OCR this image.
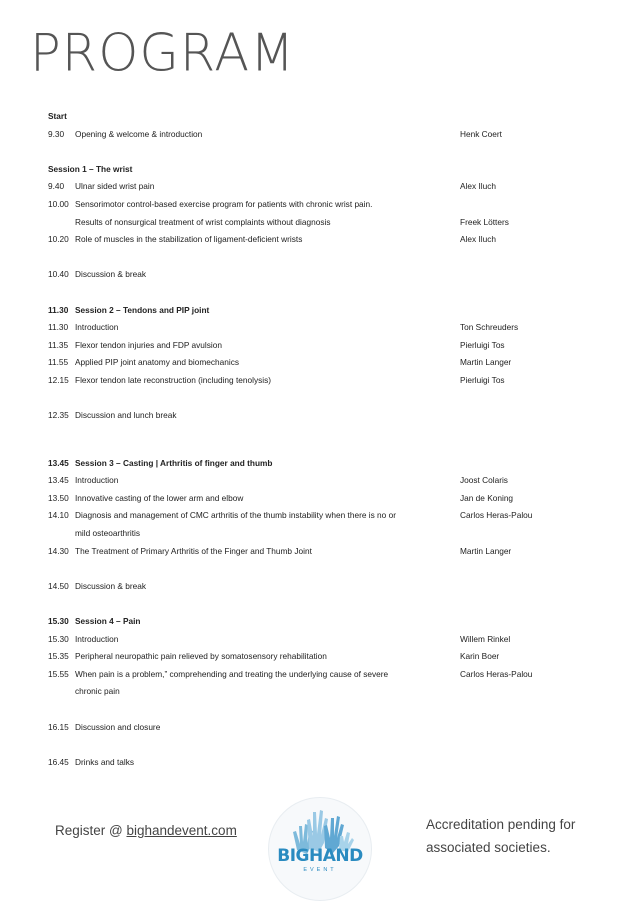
PROGRAM
Start
9.30 Opening & welcome & introduction	Henk Coert
Session 1 – The wrist
9.40 Ulnar sided wrist pain	Alex Iluch
10.00 Sensorimotor control-based exercise program for patients with chronic wrist pain.
Results of nonsurgical treatment of wrist complaints without diagnosis	Freek Lötters
10.20 Role of muscles in the stabilization of ligament-deficient wrists	Alex Iluch
10.40 Discussion & break
11.30 Session 2 – Tendons and PIP joint
11.30 Introduction	Ton Schreuders
11.35 Flexor tendon injuries and FDP avulsion	Pierluigi Tos
11.55 Applied PIP joint anatomy and biomechanics	Martin Langer
12.15 Flexor tendon late reconstruction (including tenolysis)	Pierluigi Tos
12.35 Discussion and lunch break
13.45 Session 3 – Casting | Arthritis of finger and thumb
13.45 Introduction	Joost Colaris
13.50 Innovative casting of the lower arm and elbow	Jan de Koning
14.10 Diagnosis and management of CMC arthritis of the thumb instability when there is no or	Carlos Heras-Palou
mild osteoarthritis
14.30 The Treatment of Primary Arthritis of the Finger and Thumb Joint	Martin Langer
14.50 Discussion & break
15.30 Session 4 – Pain
15.30 Introduction	Willem Rinkel
15.35 Peripheral neuropathic pain relieved by somatosensory rehabilitation	Karin Boer
15.55 When pain is a problem,” comprehending and treating the underlying cause of severe	Carlos Heras-Palou
chronic pain
16.15 Discussion and closure
16.45 Drinks and talks
Register @ bighandevent.com
BIGHAND
EVENT
Accreditation pending for
associated societies.
